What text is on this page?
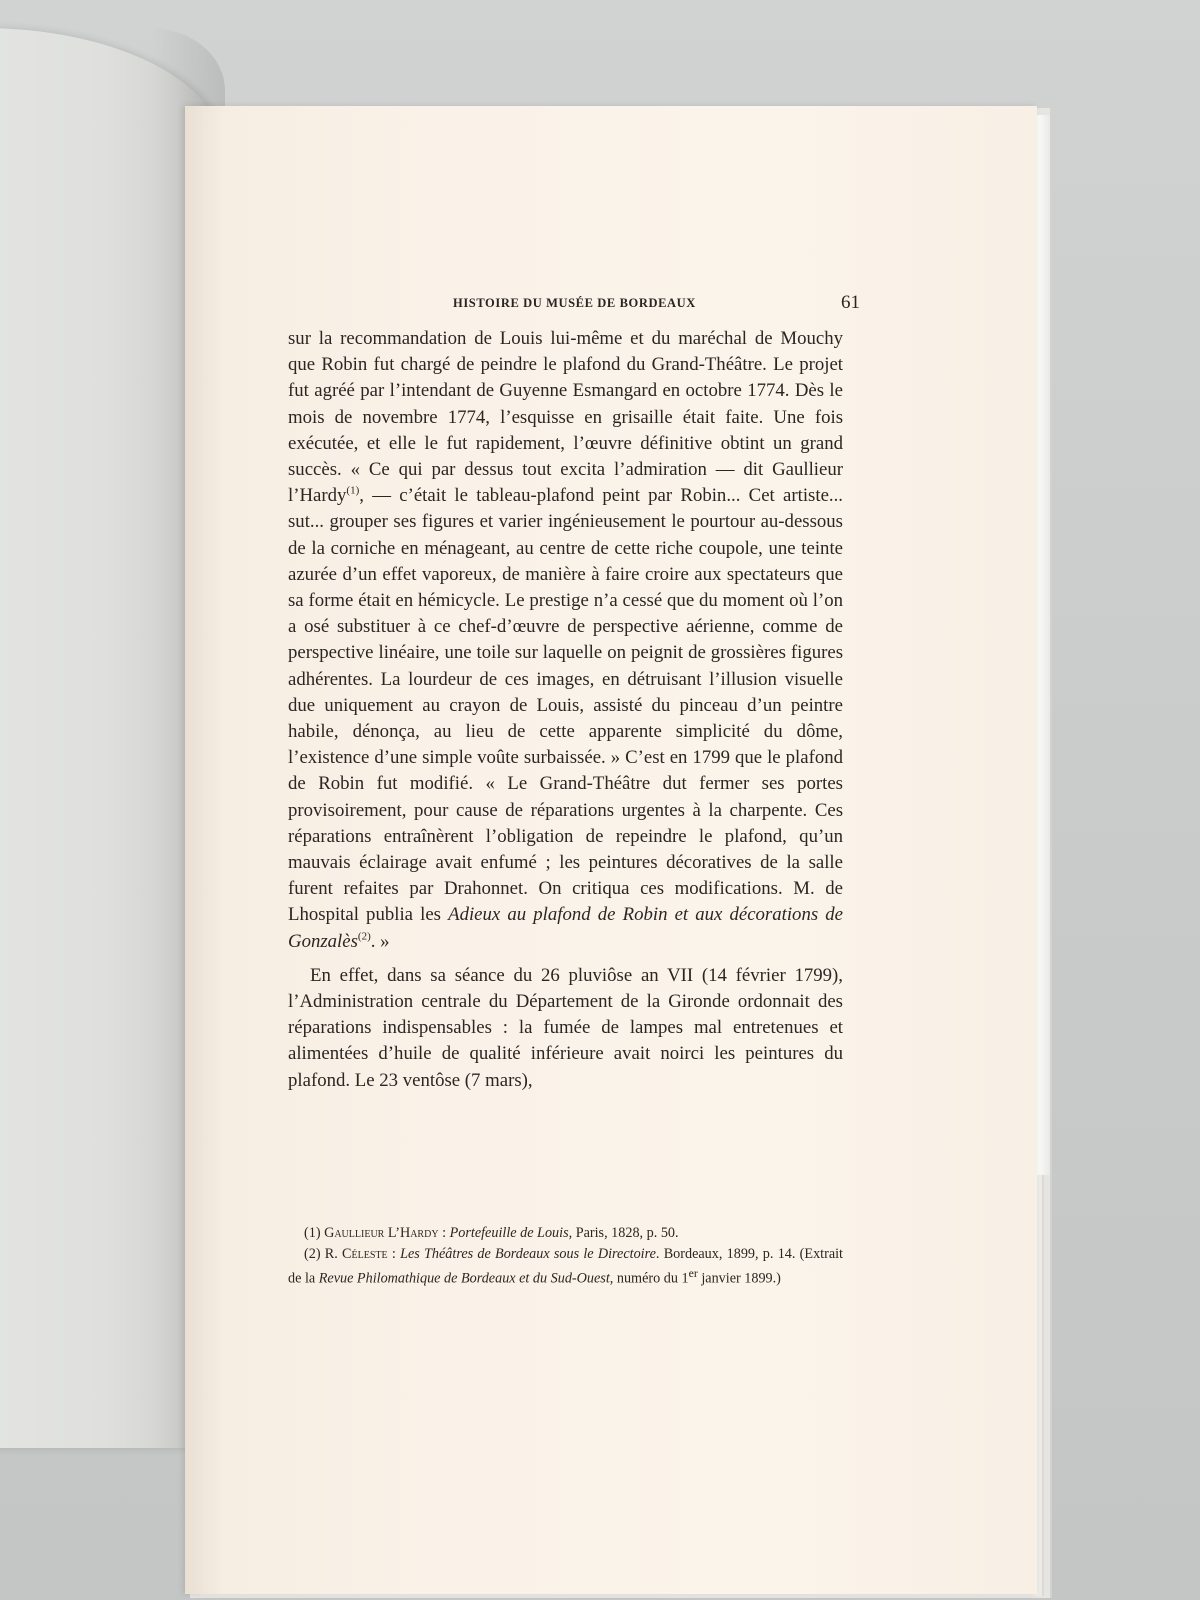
HISTOIRE DU MUSÉE DE BORDEAUX	61

sur la recommandation de Louis lui-même et du maréchal de Mouchy que Robin fut chargé de peindre le plafond du Grand-Théâtre. Le projet fut agréé par l’intendant de Guyenne Esmangard en octobre 1774. Dès le mois de novembre 1774, l’esquisse en grisaille était faite. Une fois exécutée, et elle le fut rapidement, l’œuvre définitive obtint un grand succès. « Ce qui par dessus tout excita l’admiration — dit Gaullieur l’Hardy$^{(1)}$, — c’était le tableau-plafond peint par Robin... Cet artiste... sut... grouper ses figures et varier ingénieusement le pourtour au-dessous de la corniche en ménageant, au centre de cette riche coupole, une teinte azurée d’un effet vaporeux, de manière à faire croire aux spectateurs que sa forme était en hémicycle. Le prestige n’a cessé que du moment où l’on a osé substituer à ce chef-d’œuvre de perspective aérienne, comme de perspective linéaire, une toile sur laquelle on peignit de grossières figures adhérentes. La lourdeur de ces images, en détruisant l’illusion visuelle due uniquement au crayon de Louis, assisté du pinceau d’un peintre habile, dénonça, au lieu de cette apparente simplicité du dôme, l’existence d’une simple voûte surbaissée. » C’est en 1799 que le plafond de Robin fut modifié. « Le Grand-Théâtre dut fermer ses portes provisoirement, pour cause de réparations urgentes à la charpente. Ces réparations entraînèrent l’obligation de repeindre le plafond, qu’un mauvais éclairage avait enfumé ; les peintures décoratives de la salle furent refaites par Drahonnet. On critiqua ces modifications. M. de Lhospital publia les Adieux au plafond de Robin et aux décorations de Gonzalès$^{(2)}$. »

En effet, dans sa séance du 26 pluviôse an VII (14 février 1799), l’Administration centrale du Département de la Gironde ordonnait des réparations indispensables : la fumée de lampes mal entretenues et alimentées d’huile de qualité inférieure avait noirci les peintures du plafond. Le 23 ventôse (7 mars),

(1) Gaullieur L’Hardy : Portefeuille de Louis, Paris, 1828, p. 50.

(2) R. Céleste : Les Théâtres de Bordeaux sous le Directoire. Bordeaux, 1899, p. 14. (Extrait de la Revue Philomathique de Bordeaux et du Sud-Ouest, numéro du 1er janvier 1899.)
